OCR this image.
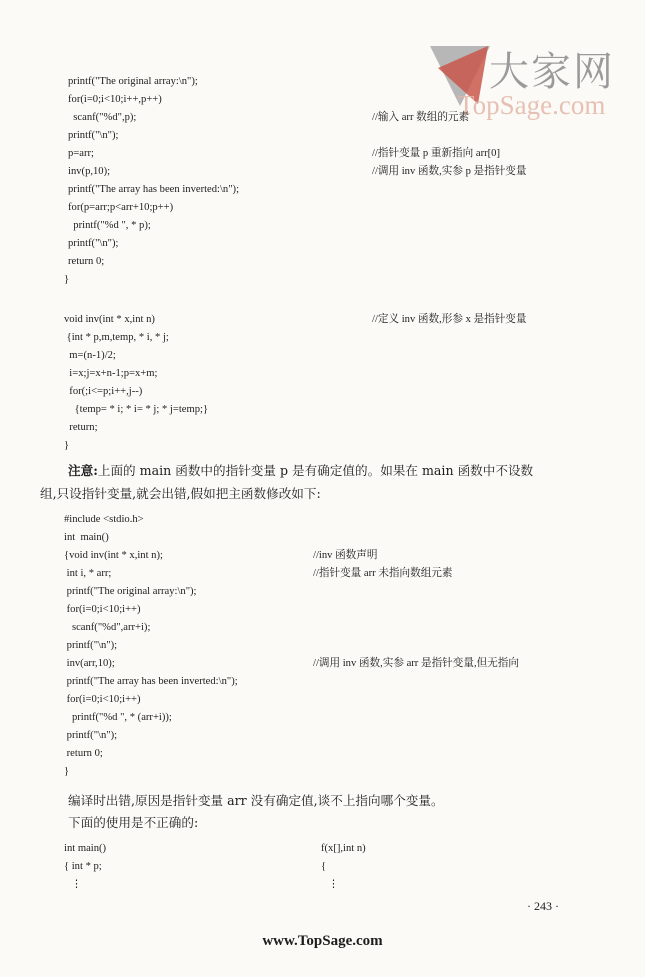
大家网
TopSage.com
printf("The original array:\n");
for(i=0;i<10;i++,p++)
scanf("%d",p);
printf("\n");
p=arr;
inv(p,10);
printf("The array has been inverted:\n");
for(p=arr;p<arr+10;p++)
printf("%d ", * p);
printf("\n");
return 0;
}
void inv(int * x,int n)
{int * p,m,temp, * i, * j;
m=(n-1)/2;
i=x;j=x+n-1;p=x+m;
for(;i<=p;i++,j--)
{temp= * i; * i= * j; * j=temp;}
return;
}
//输入 arr 数组的元素
//指针变量 p 重新指向 arr[0]
//调用 inv 函数,实参 p 是指针变量
//定义 inv 函数,形参 x 是指针变量
注意:上面的 main 函数中的指针变量 p 是有确定值的。如果在 main 函数中不设数
组,只设指针变量,就会出错,假如把主函数修改如下:
#include <stdio.h>
int  main()
{void inv(int * x,int n);
int i, * arr;
printf("The original array:\n");
for(i=0;i<10;i++)
scanf("%d",arr+i);
printf("\n");
inv(arr,10);
printf("The array has been inverted:\n");
for(i=0;i<10;i++)
printf("%d ", * (arr+i));
printf("\n");
return 0;
}
//inv 函数声明
//指针变量 arr 未指向数组元素
//调用 inv 函数,实参 arr 是指针变量,但无指向
编译时出错,原因是指针变量 arr 没有确定值,谈不上指向哪个变量。
下面的使用是不正确的:
int main()
{ int * p;
⋮
f(x[],int n)
{
⋮
· 243 ·
www.TopSage.com
